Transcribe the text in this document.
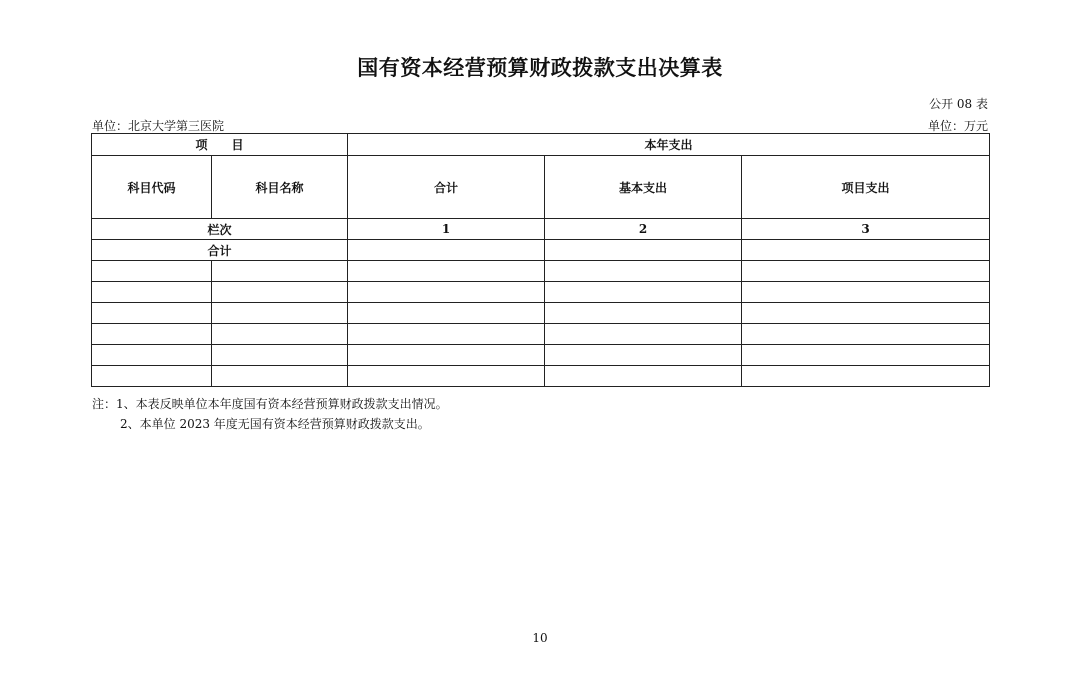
国有资本经营预算财政拨款支出决算表
公开 08 表
单位：北京大学第三医院	单位：万元
项　　目		本年支出		
科目代码	科目名称	合计	基本支出	项目支出
栏次		1	2	3
合计				

注：1、本表反映单位本年度国有资本经营预算财政拨款支出情况。
2、本单位 2023 年度无国有资本经营预算财政拨款支出。
10
